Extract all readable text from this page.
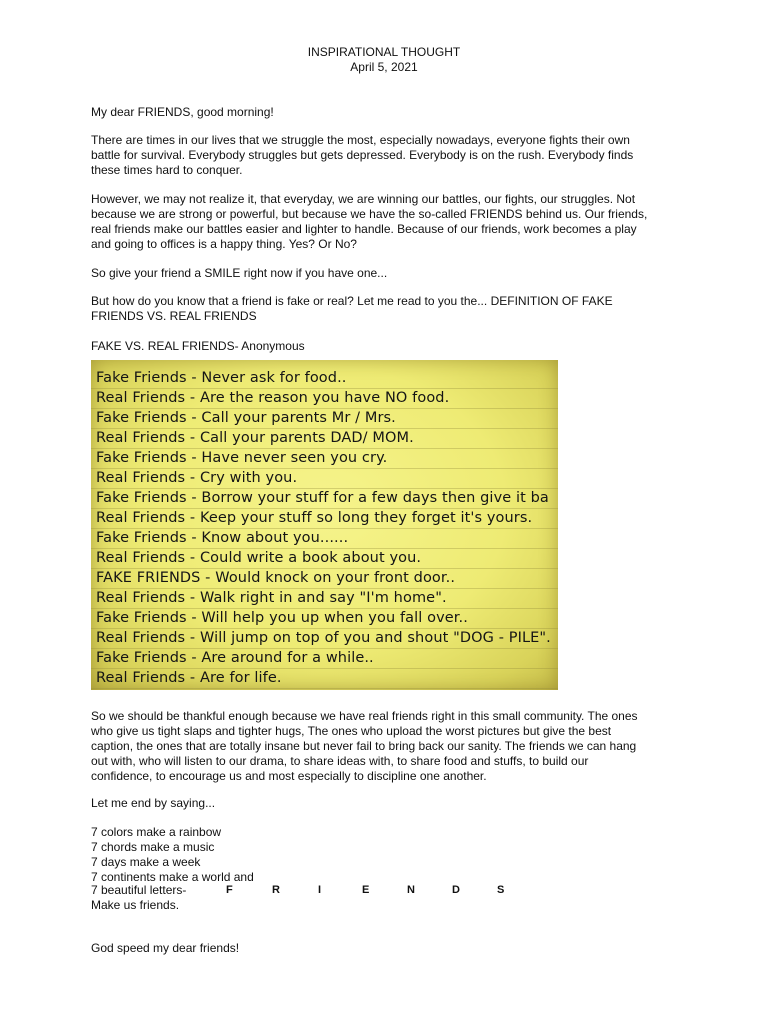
INSPIRATIONAL THOUGHT
April 5, 2021

My dear FRIENDS, good morning!

There are times in our lives that we struggle the most, especially nowadays, everyone fights their own
battle for survival. Everybody struggles but gets depressed. Everybody is on the rush. Everybody finds
these times hard to conquer.

However, we may not realize it, that everyday, we are winning our battles, our fights, our struggles. Not
because we are strong or powerful, but because we have the so-called FRIENDS behind us. Our friends,
real friends make our battles easier and lighter to handle. Because of our friends, work becomes a play
and going to offices is a happy thing. Yes? Or No?

So give your friend a SMILE right now if you have one...

But how do you know that a friend is fake or real? Let me read to you the... DEFINITION OF FAKE
FRIENDS VS. REAL FRIENDS

FAKE VS. REAL FRIENDS- Anonymous

Fake Friends - Never ask for food..
Real Friends - Are the reason you have NO food.
Fake Friends - Call your parents Mr / Mrs.
Real Friends - Call your parents DAD/ MOM.
Fake Friends - Have never seen you cry.
Real Friends - Cry with you.
Fake Friends - Borrow your stuff for a few days then give it ba
Real Friends - Keep your stuff so long they forget it's yours.
Fake Friends - Know about you......
Real Friends - Could write a book about you.
FAKE FRIENDS - Would knock on your front door..
Real Friends - Walk right in and say "I'm home".
Fake Friends - Will help you up when you fall over..
Real Friends - Will jump on top of you and shout "DOG - PILE".
Fake Friends - Are around for a while..
Real Friends - Are for life.

So we should be thankful enough because we have real friends right in this small community. The ones
who give us tight slaps and tighter hugs, The ones who upload the worst pictures but give the best
caption, the ones that are totally insane but never fail to bring back our sanity. The friends we can hang
out with, who will listen to our drama, to share ideas with, to share food and stuffs, to build our
confidence, to encourage us and most especially to discipline one another.

Let me end by saying...

7 colors make a rainbow
7 chords make a music
7 days make a week
7 continents make a world and

7 beautiful letters-	F	R	I	E	N	D	S

Make us friends.

God speed my dear friends!
